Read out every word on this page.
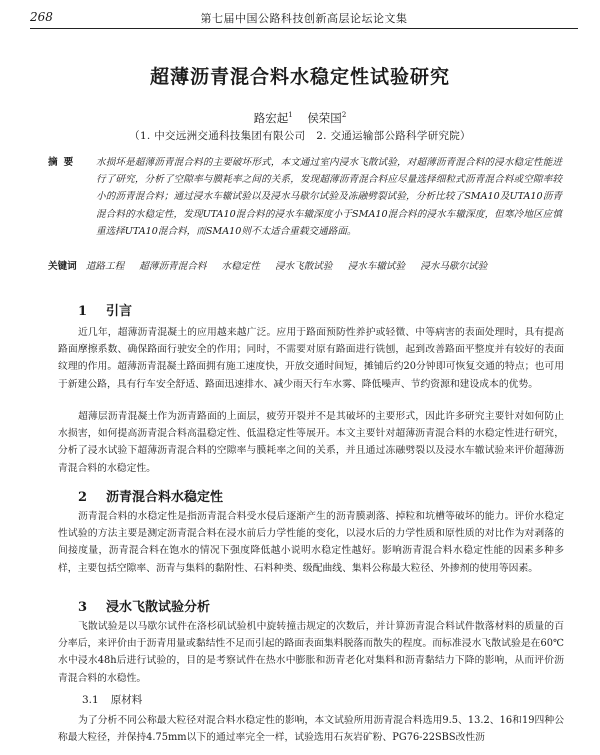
268	第七届中国公路科技创新高层论坛论文集
超薄沥青混合料水稳定性试验研究
路宏起$^1$ 侯荣国$^2$
（1. 中交远洲交通科技集团有限公司　2. 交通运输部公路科学研究院）
摘要 水损坏是超薄沥青混合料的主要破坏形式，本文通过室内浸水飞散试验，对超薄沥青混合料的浸水稳定性能进行了研究，分析了空隙率与膜耗率之间的关系，发现超薄沥青混合料应尽量选择细粒式沥青混合料或空隙率较小的沥青混合料；通过浸水车辙试验以及浸水马歇尔试验及冻融劈裂试验，分析比较了SMA10及UTA10沥青混合料的水稳定性，发现UTA10混合料的浸水车辙深度小于SMA10混合料的浸水车辙深度，但寒冷地区应慎重选择UTA10混合料，而SMA10则不太适合重载交通路面。
关键词 道路工程 超薄沥青混合料 水稳定性 浸水飞散试验 浸水车辙试验 浸水马歇尔试验
1 引言
近几年，超薄沥青混凝土的应用越来越广泛。应用于路面预防性养护或轻微、中等病害的表面处理时，具有提高路面摩擦系数、确保路面行驶安全的作用；同时，不需要对原有路面进行铣刨，起到改善路面平整度并有较好的表面纹理的作用。超薄沥青混凝土路面拥有施工速度快，开放交通时间短，摊铺后约20分钟即可恢复交通的特点；也可用于新建公路，具有行车安全舒适、路面迅速排水、减少雨天行车水雾、降低噪声、节约资源和建设成本的优势。
超薄层沥青混凝土作为沥青路面的上面层，疲劳开裂并不是其破坏的主要形式，因此许多研究主要针对如何防止水损害，如何提高沥青混合料高温稳定性、低温稳定性等展开。本文主要针对超薄沥青混合料的水稳定性进行研究，分析了浸水试验下超薄沥青混合料的空隙率与膜耗率之间的关系，并且通过冻融劈裂以及浸水车辙试验来评价超薄沥青混合料的水稳定性。
2 沥青混合料水稳定性
沥青混合料的水稳定性是指沥青混合料受水侵后逐渐产生的沥青膜剥落、掉粒和坑槽等破坏的能力。评价水稳定性试验的方法主要是测定沥青混合料在浸水前后力学性能的变化，以浸水后的力学性质和原性质的对比作为对剥落的间接度量，沥青混合料在饱水的情况下强度降低越小说明水稳定性越好。影响沥青混合料水稳定性能的因素多种多样，主要包括空隙率、沥青与集料的黏附性、石料种类、级配曲线、集料公称最大粒径、外掺剂的使用等因素。
3 浸水飞散试验分析
飞散试验是以马歇尔试件在洛杉矶试验机中旋转撞击规定的次数后，并计算沥青混合料试件散落材料的质量的百分率后，来评价由于沥青用量或黏结性不足而引起的路面表面集料脱落而散失的程度。而标准浸水飞散试验是在60℃水中浸水48h后进行试验的，目的是考察试件在热水中膨胀和沥青老化对集料和沥青黏结力下降的影响，从而评价沥青混合料的水稳性。
3.1 原材料
为了分析不同公称最大粒径对混合料水稳定性的影响，本文试验所用沥青混合料选用9.5、13.2、16和19四种公称最大粒径，并保持4.75mm以下的通过率完全一样，试验选用石灰岩矿粉、PG76-22SBS改性沥
